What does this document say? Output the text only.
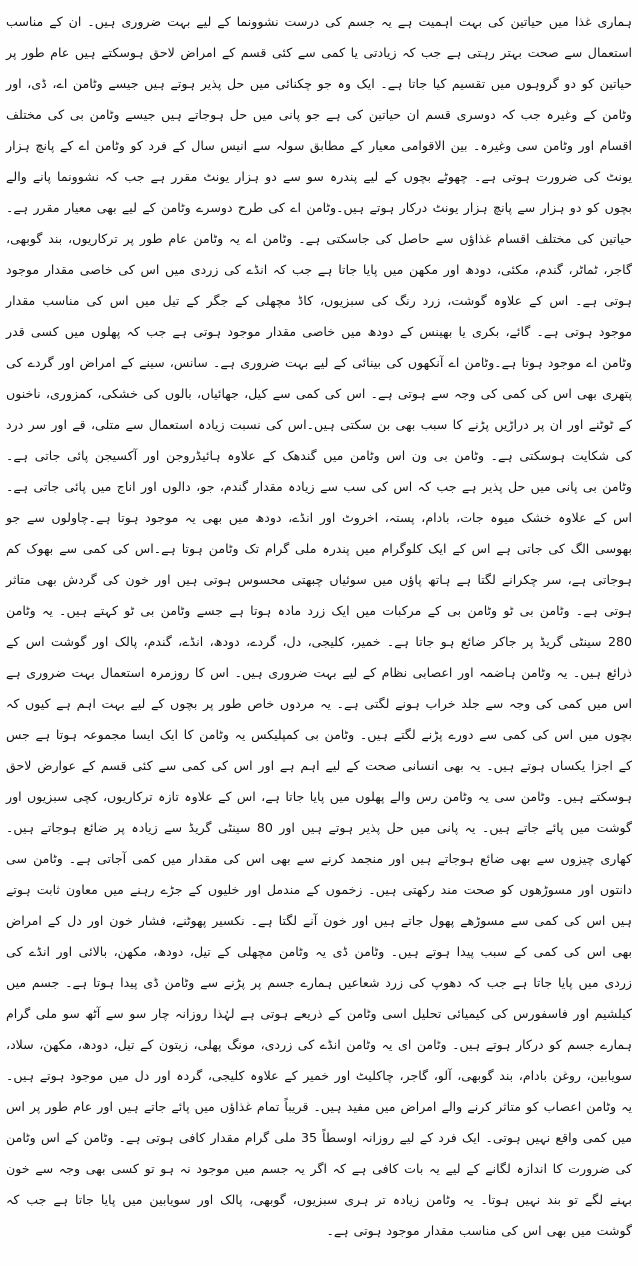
ہماری غذا میں حیاتین کی بہت اہمیت ہے یہ جسم کی درست نشوونما کے لیے بہت ضروری ہیں۔ ان کے مناسب استعمال سے صحت بہتر رہتی ہے جب کہ زیادتی یا کمی سے کئی قسم کے امراض لاحق ہوسکتے ہیں عام طور پر حیاتین کو دو گروہوں میں تقسیم کیا جاتا ہے۔ ایک وہ جو چکنائی میں حل پذیر ہوتے ہیں جیسے وٹامن اے، ڈی، اور وٹامن کے وغیرہ جب کہ دوسری قسم ان حیاتین کی ہے جو پانی میں حل ہوجاتے ہیں جیسے وٹامن بی کی مختلف اقسام اور وٹامن سی وغیرہ۔ بین الاقوامی معیار کے مطابق سولہ سے انیس سال کے فرد کو وٹامن اے کے پانچ ہزار یونٹ کی ضرورت ہوتی ہے۔ چھوٹے بچوں کے لیے پندرہ سو سے دو ہزار یونٹ مقرر ہے جب کہ نشوونما پانے والے بچوں کو دو ہزار سے پانچ ہزار یونٹ درکار ہوتے ہیں۔وٹامن اے کی طرح دوسرے وٹامن کے لیے بھی معیار مقرر ہے۔ حیاتین کی مختلف اقسام غذاؤں سے حاصل کی جاسکتی ہے۔ وٹامن اے یہ وٹامن عام طور پر ترکاریوں، بند گوبھی، گاجر، ٹماٹر، گندم، مکئی، دودھ اور مکھن میں پایا جاتا ہے جب کہ انڈے کی زردی میں اس کی خاصی مقدار موجود ہوتی ہے۔ اس کے علاوہ گوشت، زرد رنگ کی سبزیوں، کاڈ مچھلی کے جگر کے تیل میں اس کی مناسب مقدار موجود ہوتی ہے۔ گائے، بکری یا بھینس کے دودھ میں خاصی مقدار موجود ہوتی ہے جب کہ پھلوں میں کسی قدر وٹامن اے موجود ہوتا ہے۔وٹامن اے آنکھوں کی بینائی کے لیے بہت ضروری ہے۔ سانس، سینے کے امراض اور گردے کی پتھری بھی اس کی کمی کی وجہ سے ہوتی ہے۔ اس کی کمی سے کیل، جھائیاں، بالوں کی خشکی، کمزوری، ناخنوں کے ٹوٹنے اور ان پر دراڑیں پڑنے کا سبب بھی بن سکتی ہیں۔اس کی نسبت زیادہ استعمال سے متلی، قے اور سر درد کی شکایت ہوسکتی ہے۔ وٹامن بی ون اس وٹامن میں گندھک کے علاوہ ہائیڈروجن اور آکسیجن پائی جاتی ہے۔وٹامن بی پانی میں حل پذیر ہے جب کہ اس کی سب سے زیادہ مقدار گندم، جو، دالوں اور اناج میں پائی جاتی ہے۔اس کے علاوہ خشک میوہ جات، بادام، پستہ، اخروٹ اور انڈے، دودھ میں بھی یہ موجود ہوتا ہے۔چاولوں سے جو بھوسی الگ کی جاتی ہے اس کے ایک کلوگرام میں پندرہ ملی گرام تک وٹامن ہوتا ہے۔اس کی کمی سے بھوک کم ہوجاتی ہے، سر چکرانے لگتا ہے ہاتھ پاؤں میں سوئیاں چبھتی محسوس ہوتی ہیں اور خون کی گردش بھی متاثر ہوتی ہے۔ وٹامن بی ٹو وٹامن بی کے مرکبات میں ایک زرد مادہ ہوتا ہے جسے وٹامن بی ٹو کہتے ہیں۔ یہ وٹامن 280 سینٹی گریڈ پر جاکر ضائع ہو جاتا ہے۔ خمیر، کلیجی، دل، گردے، دودھ، انڈے، گندم، پالک اور گوشت اس کے ذرائع ہیں۔ یہ وٹامن ہاضمہ اور اعصابی نظام کے لیے بہت ضروری ہیں۔ اس کا روزمرہ استعمال بہت ضروری ہے اس میں کمی کی وجہ سے جلد خراب ہونے لگتی ہے۔ یہ مردوں خاص طور پر بچوں کے لیے بہت اہم ہے کیوں کہ بچوں میں اس کی کمی سے دورے پڑنے لگتے ہیں۔ وٹامن بی کمپلیکس یہ وٹامن کا ایک ایسا مجموعہ ہوتا ہے جس کے اجزا یکساں ہوتے ہیں۔ یہ بھی انسانی صحت کے لیے اہم ہے اور اس کی کمی سے کئی قسم کے عوارض لاحق ہوسکتے ہیں۔ وٹامن سی یہ وٹامن رس والے پھلوں میں پایا جاتا ہے، اس کے علاوہ تازہ ترکاریوں، کچی سبزیوں اور گوشت میں پائے جاتے ہیں۔ یہ پانی میں حل پذیر ہوتے ہیں اور 80 سینٹی گریڈ سے زیادہ پر ضائع ہوجاتے ہیں۔ کھاری چیزوں سے بھی ضائع ہوجاتے ہیں اور منجمد کرنے سے بھی اس کی مقدار میں کمی آجاتی ہے۔ وٹامن سی دانتوں اور مسوڑھوں کو صحت مند رکھتی ہیں۔ زخموں کے مندمل اور خلیوں کے جڑے رہنے میں معاون ثابت ہوتے ہیں اس کی کمی سے مسوڑھے پھول جاتے ہیں اور خون آنے لگتا ہے۔ نکسیر پھوٹنے، فشار خون اور دل کے امراض بھی اس کی کمی کے سبب پیدا ہوتے ہیں۔ وٹامن ڈی یہ وٹامن مچھلی کے تیل، دودھ، مکھن، بالائی اور انڈے کی زردی میں پایا جاتا ہے جب کہ دھوپ کی زرد شعاعیں ہمارے جسم پر پڑنے سے وٹامن ڈی پیدا ہوتا ہے۔ جسم میں کیلشیم اور فاسفورس کی کیمیائی تحلیل اسی وٹامن کے ذریعے ہوتی ہے لہٰذا روزانہ چار سو سے آٹھ سو ملی گرام ہمارے جسم کو درکار ہوتے ہیں۔ وٹامن ای یہ وٹامن انڈے کی زردی، مونگ پھلی، زیتون کے تیل، دودھ، مکھن، سلاد، سویابین، روغن بادام، بند گوبھی، آلو، گاجر، چاکلیٹ اور خمیر کے علاوہ کلیجی، گردہ اور دل میں موجود ہوتے ہیں۔ یہ وٹامن اعصاب کو متاثر کرنے والے امراض میں مفید ہیں۔ قریباً تمام غذاؤں میں پائے جاتے ہیں اور عام طور پر اس میں کمی واقع نہیں ہوتی۔ ایک فرد کے لیے روزانہ اوسطاً 35 ملی گرام مقدار کافی ہوتی ہے۔ وٹامن کے اس وٹامن کی ضرورت کا اندازہ لگانے کے لیے یہ بات کافی ہے کہ اگر یہ جسم میں موجود نہ ہو تو کسی بھی وجہ سے خون بہنے لگے تو بند نہیں ہوتا۔ یہ وٹامن زیادہ تر ہری سبزیوں، گوبھی، پالک اور سویابین میں پایا جاتا ہے جب کہ گوشت میں بھی اس کی مناسب مقدار موجود ہوتی ہے۔
